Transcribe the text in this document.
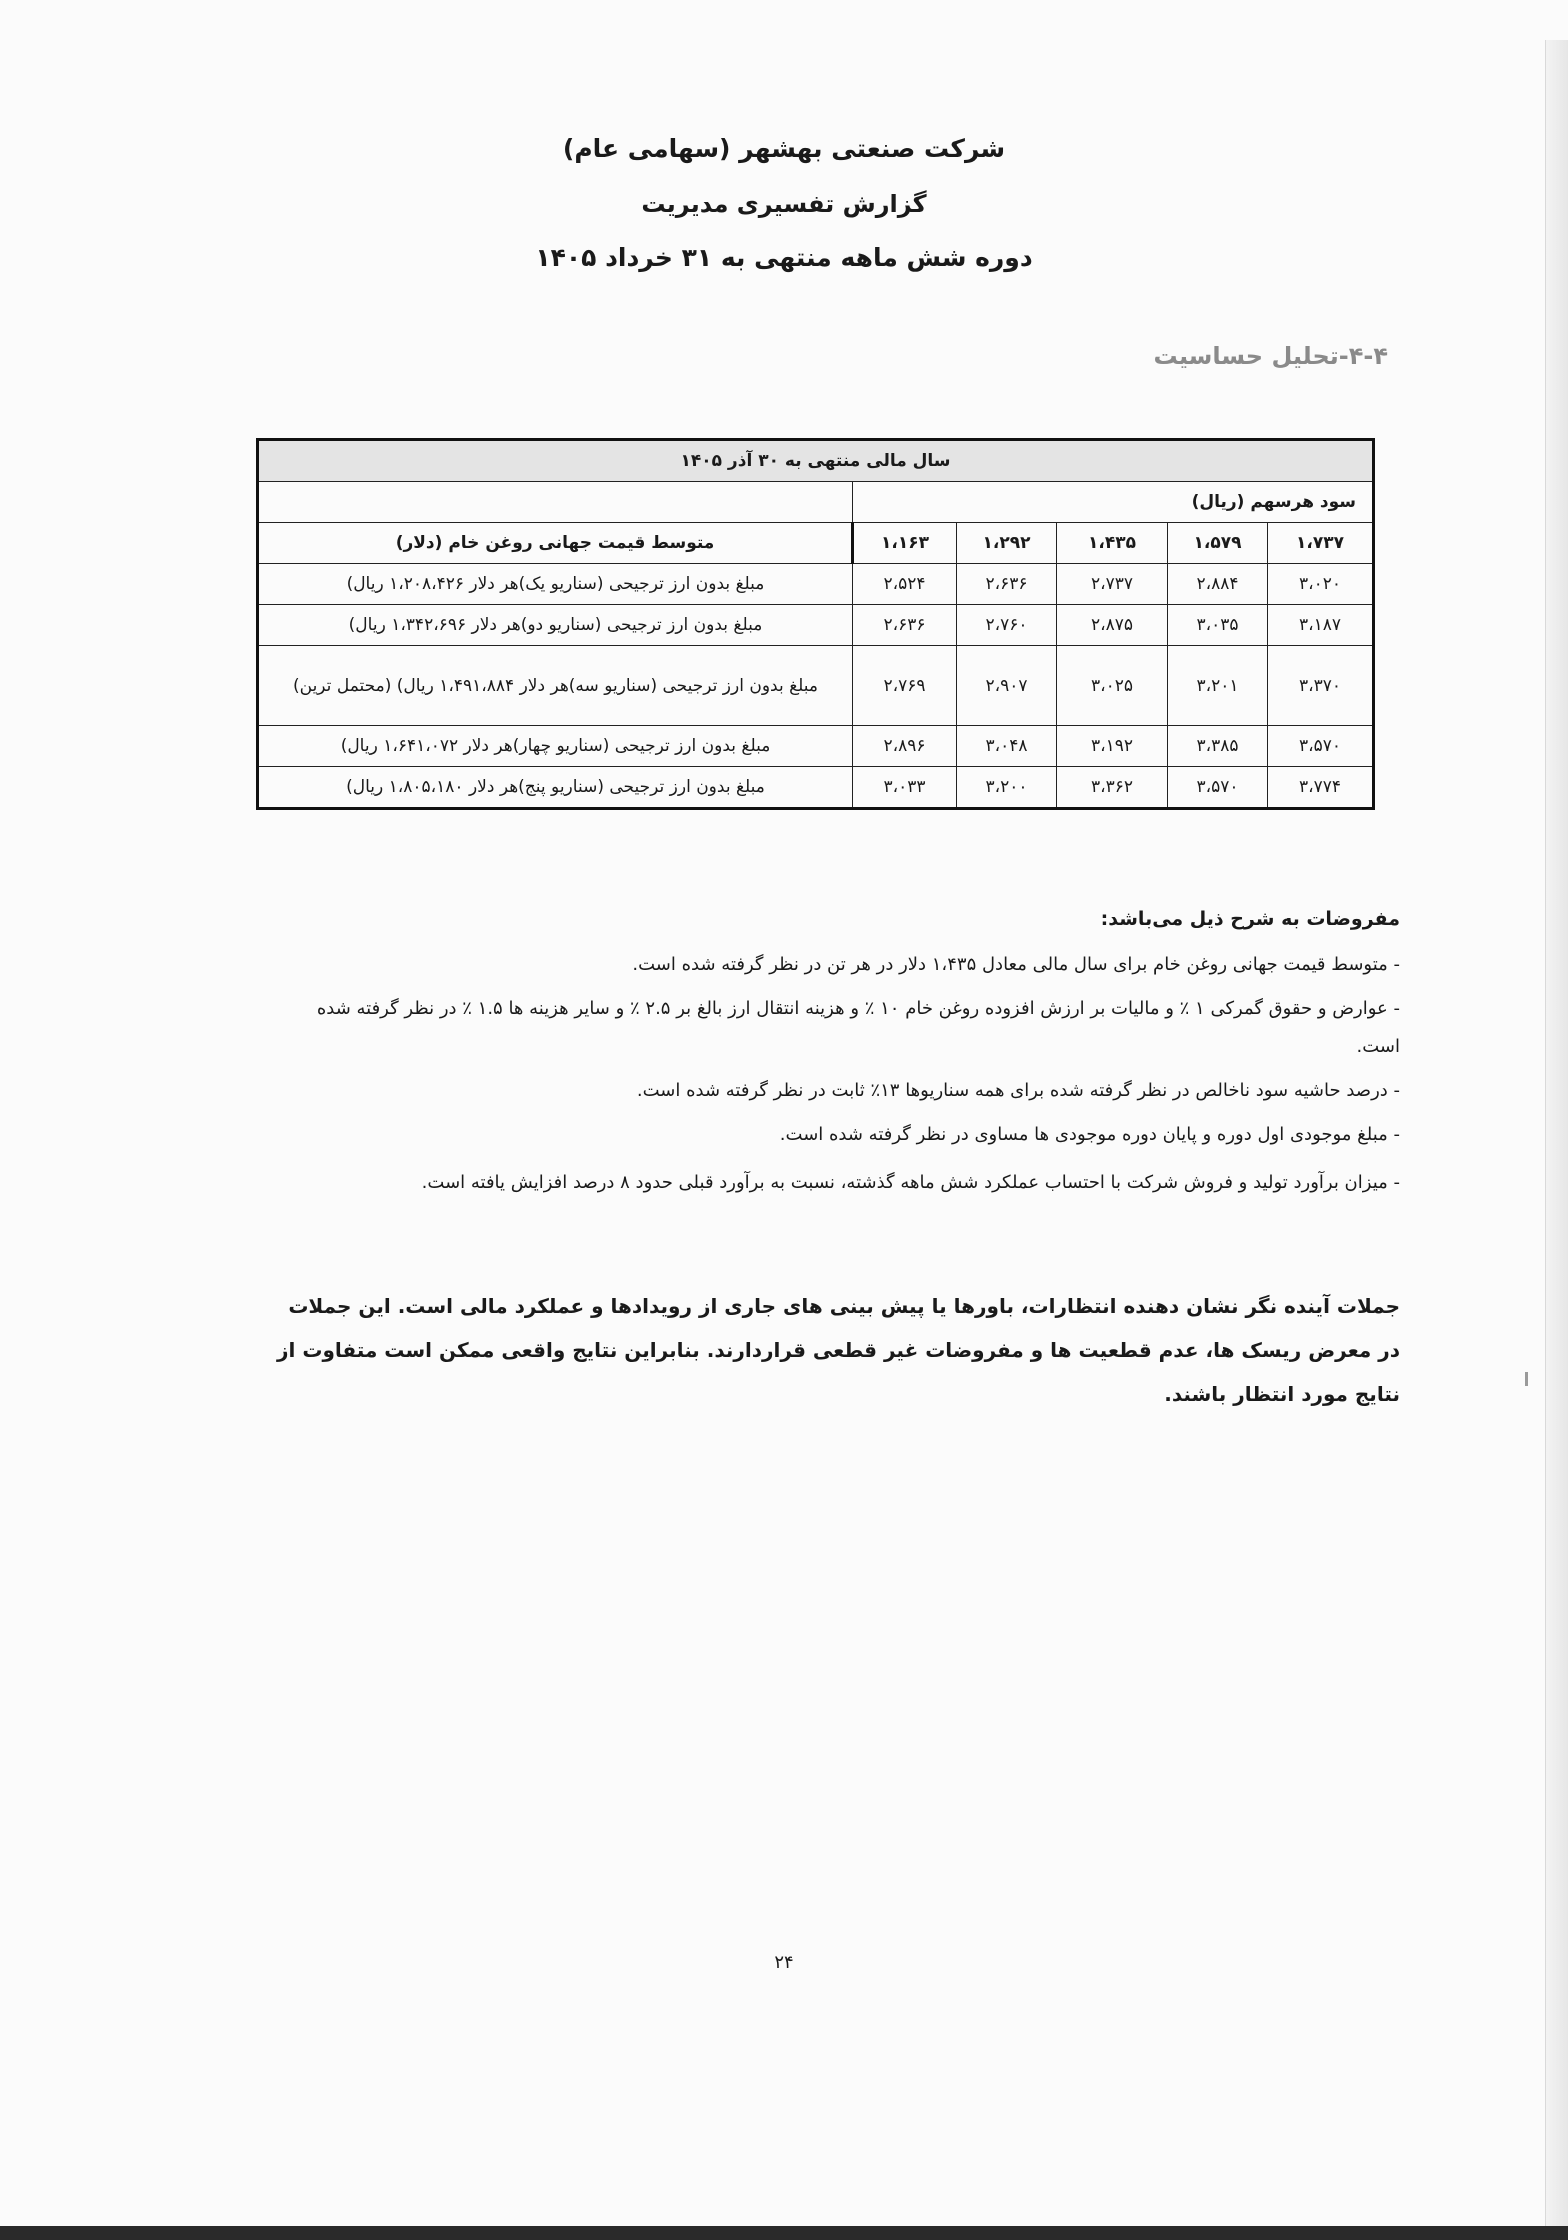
شرکت صنعتی بهشهر (سهامی عام)
گزارش تفسیری مدیریت
دوره شش ماهه منتهی به ۳۱ خرداد ۱۴۰۵
۴-۴-تحلیل حساسیت
سال مالی منتهی به ۳۰ آذر ۱۴۰۵					
سود هرسهم (ریال)					
۱،۷۳۷	۱،۵۷۹	۱،۴۳۵	۱،۲۹۲	۱،۱۶۳	متوسط قیمت جهانی روغن خام (دلار)
۳،۰۲۰	۲،۸۸۴	۲،۷۳۷	۲،۶۳۶	۲،۵۲۴	مبلغ بدون ارز ترجیحی (سناریو یک)هر دلار ۱،۲۰۸،۴۲۶ ریال)
۳،۱۸۷	۳،۰۳۵	۲،۸۷۵	۲،۷۶۰	۲،۶۳۶	مبلغ بدون ارز ترجیحی (سناریو دو)هر دلار ۱،۳۴۲،۶۹۶ ریال)
۳،۳۷۰	۳،۲۰۱	۳،۰۲۵	۲،۹۰۷	۲،۷۶۹	مبلغ بدون ارز ترجیحی (سناریو سه)هر دلار ۱،۴۹۱،۸۸۴ ریال) (محتمل ترین)
۳،۵۷۰	۳،۳۸۵	۳،۱۹۲	۳،۰۴۸	۲،۸۹۶	مبلغ بدون ارز ترجیحی (سناریو چهار)هر دلار ۱،۶۴۱،۰۷۲ ریال)
۳،۷۷۴	۳،۵۷۰	۳،۳۶۲	۳،۲۰۰	۳،۰۳۳	مبلغ بدون ارز ترجیحی (سناریو پنج)هر دلار ۱،۸۰۵،۱۸۰ ریال)
مفروضات به شرح ذیل می‌باشد:
- متوسط قیمت جهانی روغن خام برای سال مالی معادل ۱،۴۳۵ دلار در هر تن در نظر گرفته شده است.
- عوارض و حقوق گمرکی ۱ ٪ و مالیات بر ارزش افزوده روغن خام ۱۰ ٪ و هزینه انتقال ارز بالغ بر ۲.۵ ٪ و سایر هزینه ها ۱.۵ ٪ در نظر گرفته شده است.
- درصد حاشیه سود ناخالص در نظر گرفته شده برای همه سناریوها ۱۳٪ ثابت در نظر گرفته شده است.
- مبلغ موجودی اول دوره و پایان دوره موجودی ها مساوی در نظر گرفته شده است.
- میزان برآورد تولید و فروش شرکت با احتساب عملکرد شش ماهه گذشته، نسبت به برآورد قبلی حدود ۸ درصد افزایش یافته است.
جملات آینده نگر نشان دهنده انتظارات، باورها یا پیش بینی های جاری از رویدادها و عملکرد مالی است. این جملات در معرض ریسک ها، عدم قطعیت ها و مفروضات غیر قطعی قراردارند. بنابراین نتایج واقعی ممکن است متفاوت از نتایج مورد انتظار باشند.
۲۴
